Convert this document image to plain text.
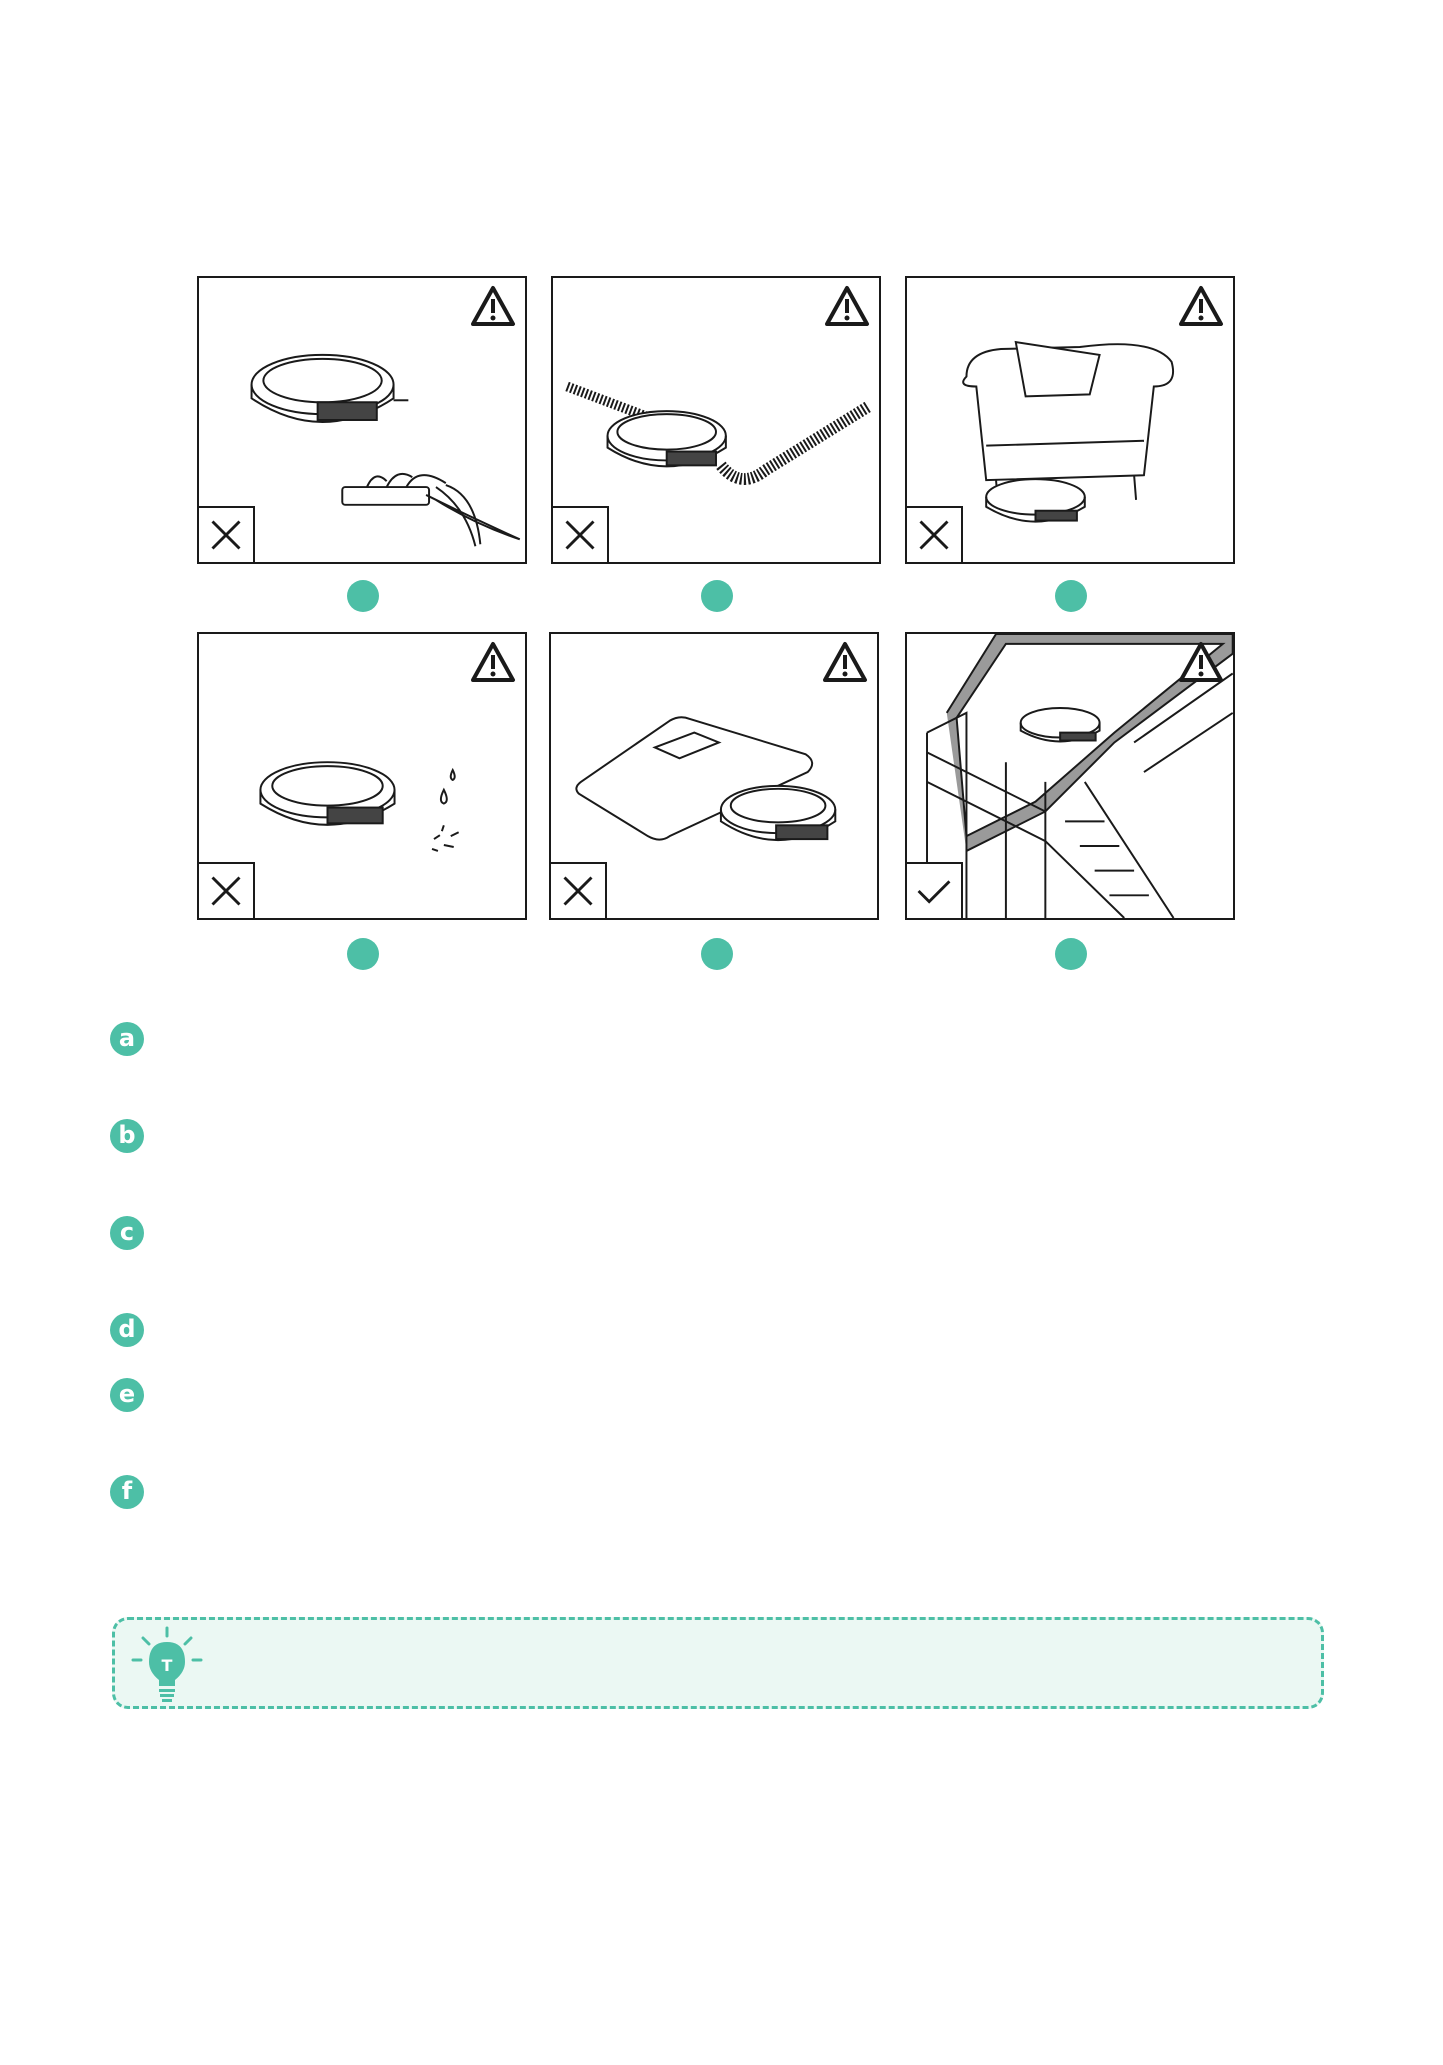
a
b
c
d
e
f
T
